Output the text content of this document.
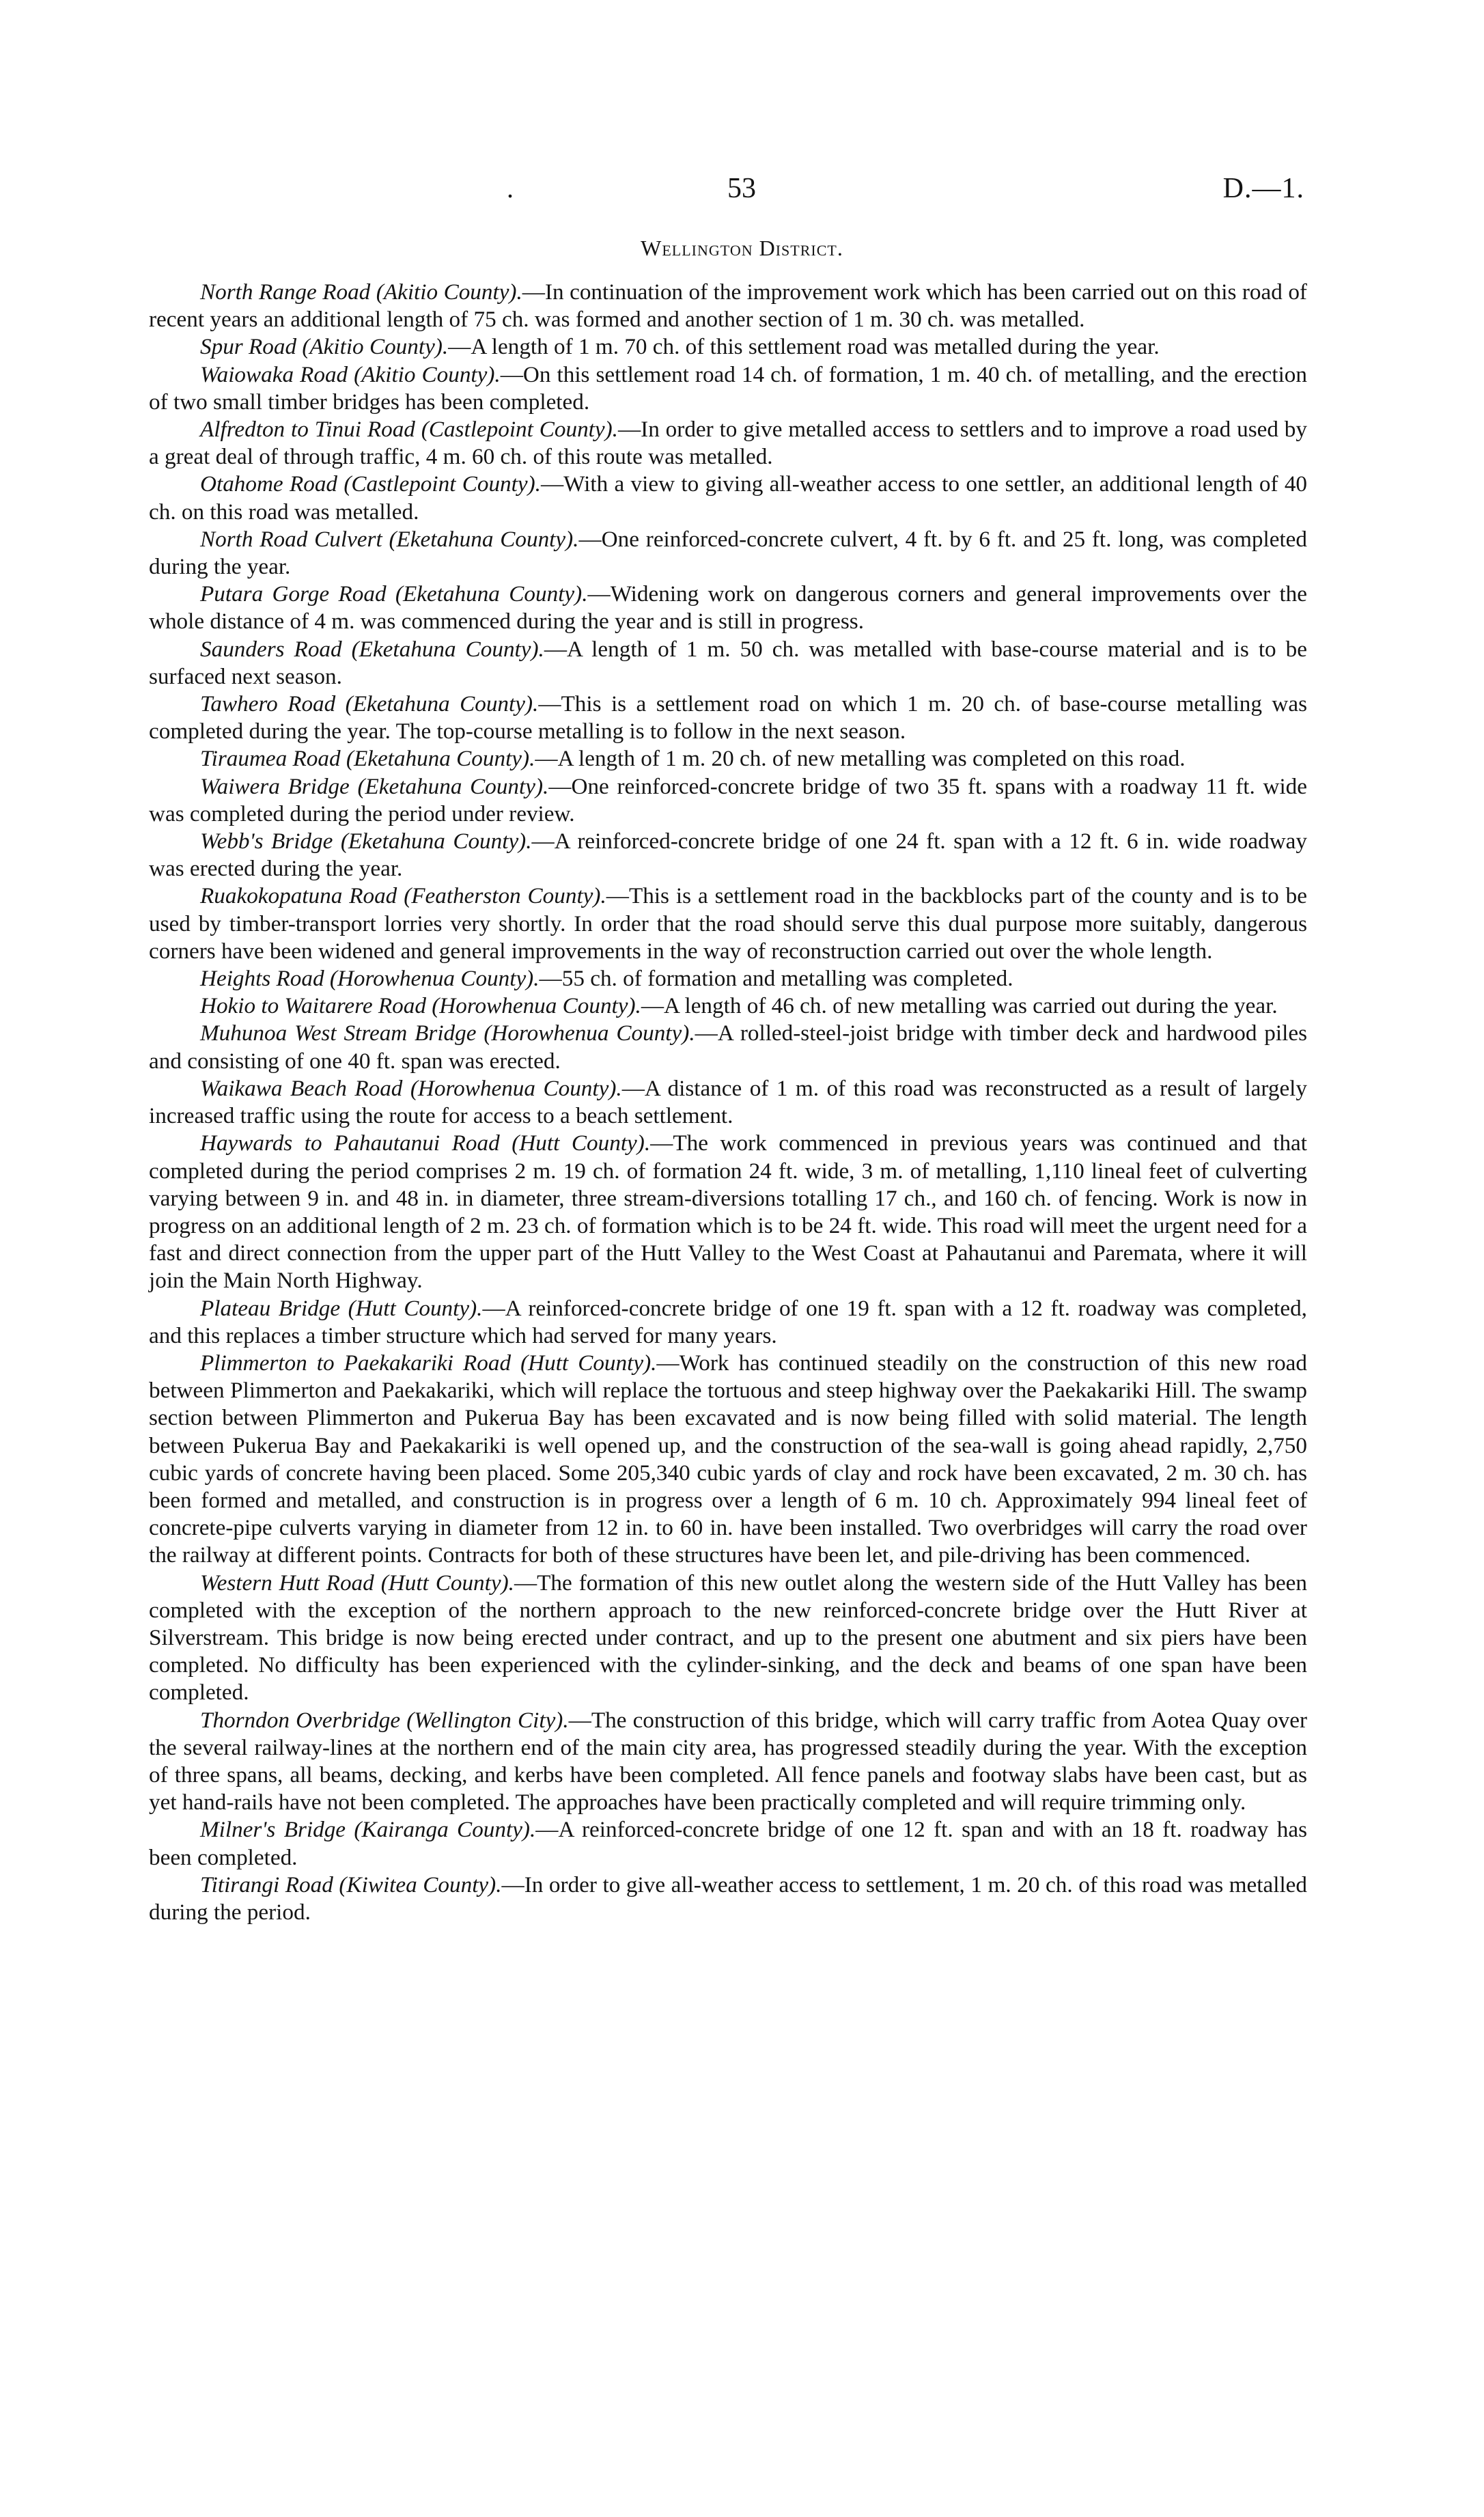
.	53	D.—1.
Wellington District.

North Range Road (Akitio County).—In continuation of the improvement work which has been carried out on this road of recent years an additional length of 75 ch. was formed and another section of 1 m. 30 ch. was metalled.

Spur Road (Akitio County).—A length of 1 m. 70 ch. of this settlement road was metalled during the year.

Waiowaka Road (Akitio County).—On this settlement road 14 ch. of formation, 1 m. 40 ch. of metalling, and the erection of two small timber bridges has been completed.

Alfredton to Tinui Road (Castlepoint County).—In order to give metalled access to settlers and to improve a road used by a great deal of through traffic, 4 m. 60 ch. of this route was metalled.

Otahome Road (Castlepoint County).—With a view to giving all-weather access to one settler, an additional length of 40 ch. on this road was metalled.

North Road Culvert (Eketahuna County).—One reinforced-concrete culvert, 4 ft. by 6 ft. and 25 ft. long, was completed during the year.

Putara Gorge Road (Eketahuna County).—Widening work on dangerous corners and general improvements over the whole distance of 4 m. was commenced during the year and is still in progress.

Saunders Road (Eketahuna County).—A length of 1 m. 50 ch. was metalled with base-course material and is to be surfaced next season.

Tawhero Road (Eketahuna County).—This is a settlement road on which 1 m. 20 ch. of base-course metalling was completed during the year. The top-course metalling is to follow in the next season.

Tiraumea Road (Eketahuna County).—A length of 1 m. 20 ch. of new metalling was completed on this road.

Waiwera Bridge (Eketahuna County).—One reinforced-concrete bridge of two 35 ft. spans with a roadway 11 ft. wide was completed during the period under review.

Webb's Bridge (Eketahuna County).—A reinforced-concrete bridge of one 24 ft. span with a 12 ft. 6 in. wide roadway was erected during the year.

Ruakokopatuna Road (Featherston County).—This is a settlement road in the backblocks part of the county and is to be used by timber-transport lorries very shortly. In order that the road should serve this dual purpose more suitably, dangerous corners have been widened and general improvements in the way of reconstruction carried out over the whole length.

Heights Road (Horowhenua County).—55 ch. of formation and metalling was completed.

Hokio to Waitarere Road (Horowhenua County).—A length of 46 ch. of new metalling was carried out during the year.

Muhunoa West Stream Bridge (Horowhenua County).—A rolled-steel-joist bridge with timber deck and hardwood piles and consisting of one 40 ft. span was erected.

Waikawa Beach Road (Horowhenua County).—A distance of 1 m. of this road was reconstructed as a result of largely increased traffic using the route for access to a beach settlement.

Haywards to Pahautanui Road (Hutt County).—The work commenced in previous years was continued and that completed during the period comprises 2 m. 19 ch. of formation 24 ft. wide, 3 m. of metalling, 1,110 lineal feet of culverting varying between 9 in. and 48 in. in diameter, three stream-diversions totalling 17 ch., and 160 ch. of fencing. Work is now in progress on an additional length of 2 m. 23 ch. of formation which is to be 24 ft. wide. This road will meet the urgent need for a fast and direct connection from the upper part of the Hutt Valley to the West Coast at Pahautanui and Paremata, where it will join the Main North Highway.

Plateau Bridge (Hutt County).—A reinforced-concrete bridge of one 19 ft. span with a 12 ft. roadway was completed, and this replaces a timber structure which had served for many years.

Plimmerton to Paekakariki Road (Hutt County).—Work has continued steadily on the construction of this new road between Plimmerton and Paekakariki, which will replace the tortuous and steep highway over the Paekakariki Hill. The swamp section between Plimmerton and Pukerua Bay has been excavated and is now being filled with solid material. The length between Pukerua Bay and Paekakariki is well opened up, and the construction of the sea-wall is going ahead rapidly, 2,750 cubic yards of concrete having been placed. Some 205,340 cubic yards of clay and rock have been excavated, 2 m. 30 ch. has been formed and metalled, and construction is in progress over a length of 6 m. 10 ch. Approximately 994 lineal feet of concrete-pipe culverts varying in diameter from 12 in. to 60 in. have been installed. Two overbridges will carry the road over the railway at different points. Contracts for both of these structures have been let, and pile-driving has been commenced.

Western Hutt Road (Hutt County).—The formation of this new outlet along the western side of the Hutt Valley has been completed with the exception of the northern approach to the new reinforced-concrete bridge over the Hutt River at Silverstream. This bridge is now being erected under contract, and up to the present one abutment and six piers have been completed. No difficulty has been experienced with the cylinder-sinking, and the deck and beams of one span have been completed.

Thorndon Overbridge (Wellington City).—The construction of this bridge, which will carry traffic from Aotea Quay over the several railway-lines at the northern end of the main city area, has progressed steadily during the year. With the exception of three spans, all beams, decking, and kerbs have been completed. All fence panels and footway slabs have been cast, but as yet hand-rails have not been completed. The approaches have been practically completed and will require trimming only.

Milner's Bridge (Kairanga County).—A reinforced-concrete bridge of one 12 ft. span and with an 18 ft. roadway has been completed.

Titirangi Road (Kiwitea County).—In order to give all-weather access to settlement, 1 m. 20 ch. of this road was metalled during the period.
